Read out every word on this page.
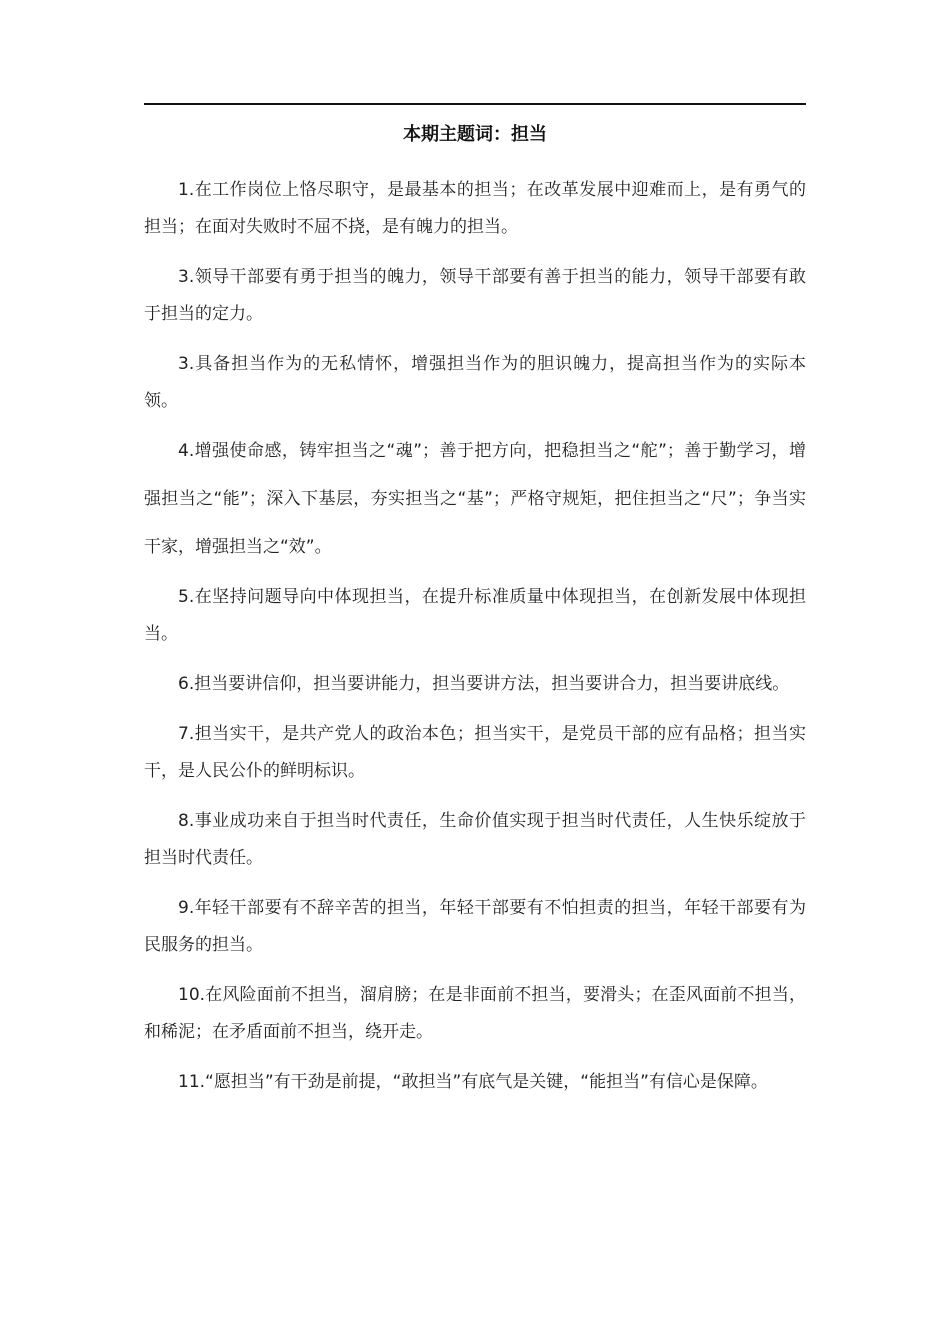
本期主题词：担当

1.在工作岗位上恪尽职守，是最基本的担当；在改革发展中迎难而上，是有勇气的担当；在面对失败时不屈不挠，是有魄力的担当。

3.领导干部要有勇于担当的魄力，领导干部要有善于担当的能力，领导干部要有敢于担当的定力。

3.具备担当作为的无私情怀，增强担当作为的胆识魄力，提高担当作为的实际本领。

4.增强使命感，铸牢担当之“魂”；善于把方向，把稳担当之“舵”；善于勤学习，增强担当之“能”；深入下基层，夯实担当之“基”；严格守规矩，把住担当之“尺”；争当实干家，增强担当之“效”。

5.在坚持问题导向中体现担当，在提升标准质量中体现担当，在创新发展中体现担当。

6.担当要讲信仰，担当要讲能力，担当要讲方法，担当要讲合力，担当要讲底线。

7.担当实干，是共产党人的政治本色；担当实干，是党员干部的应有品格；担当实干，是人民公仆的鲜明标识。

8.事业成功来自于担当时代责任，生命价值实现于担当时代责任，人生快乐绽放于担当时代责任。

9.年轻干部要有不辞辛苦的担当，年轻干部要有不怕担责的担当，年轻干部要有为民服务的担当。

10.在风险面前不担当，溜肩膀；在是非面前不担当，要滑头；在歪风面前不担当，和稀泥；在矛盾面前不担当，绕开走。

11.“愿担当”有干劲是前提，“敢担当”有底气是关键，“能担当”有信心是保障。
